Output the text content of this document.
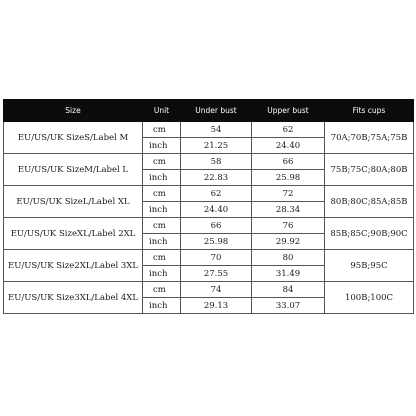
Size	Unit	Under bust	Upper bust	Fits cups
EU/US/UK SizeS/Label M	cm	54	62	70A;70B;75A;75B
	inch	21.25	24.40	
EU/US/UK SizeM/Label L	cm	58	66	75B;75C;80A;80B
	inch	22.83	25.98	
EU/US/UK SizeL/Label XL	cm	62	72	80B;80C;85A;85B
	inch	24.40	28.34	
EU/US/UK SizeXL/Label 2XL	cm	66	76	85B;85C;90B;90C
	inch	25.98	29.92	
EU/US/UK Size2XL/Label 3XL	cm	70	80	95B;95C
	inch	27.55	31.49	
EU/US/UK Size3XL/Label 4XL	cm	74	84	100B;100C
	inch	29.13	33.07	
